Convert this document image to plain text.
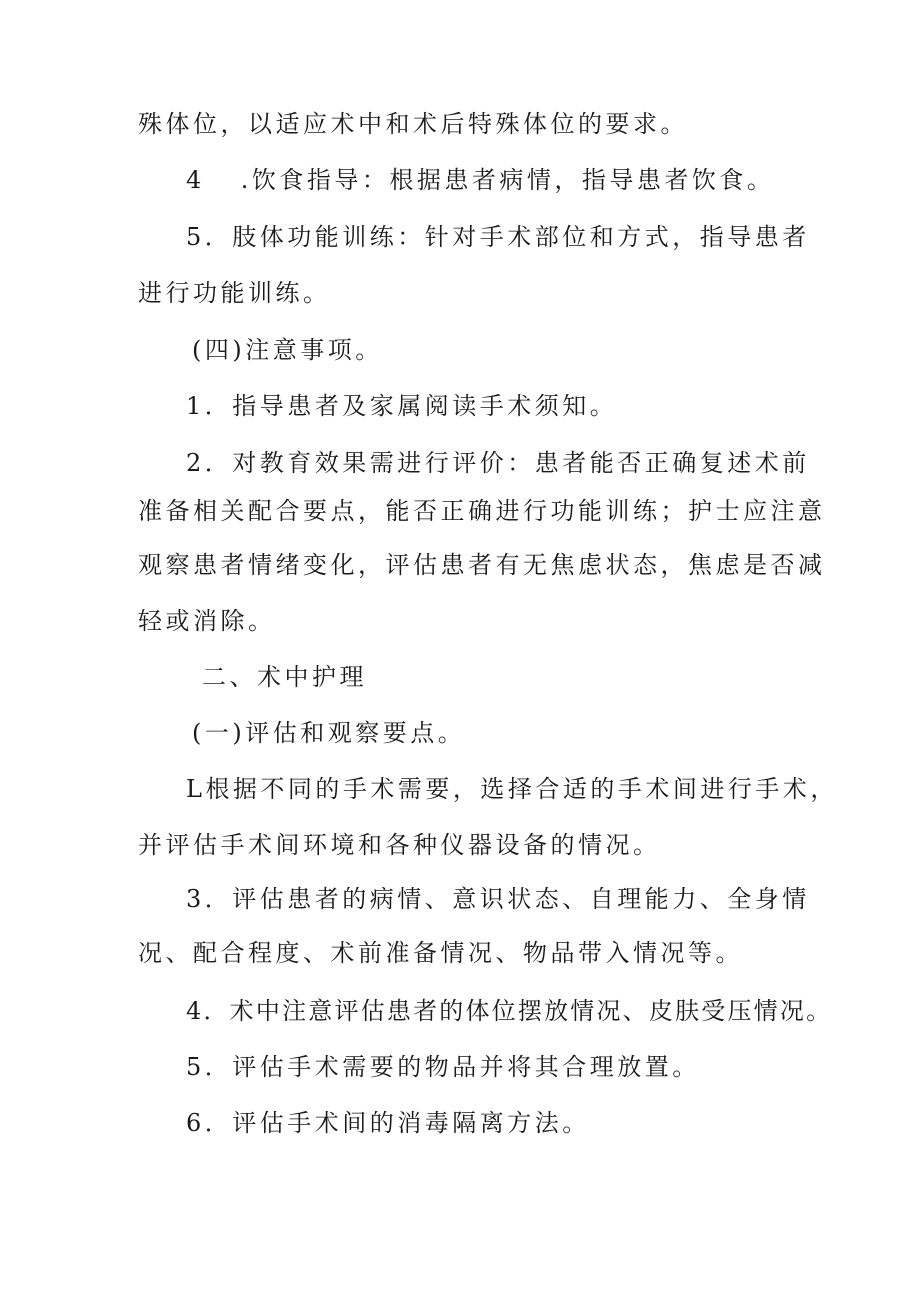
殊体位，以适应术中和术后特殊体位的要求。
4 .饮食指导：根据患者病情，指导患者饮食。
5．肢体功能训练：针对手术部位和方式，指导患者
进行功能训练。
(四)注意事项。
1．指导患者及家属阅读手术须知。
2．对教育效果需进行评价：患者能否正确复述术前
准备相关配合要点，能否正确进行功能训练；护士应注意
观察患者情绪变化，评估患者有无焦虑状态，焦虑是否减
轻或消除。
二、术中护理
(一)评估和观察要点。
L根据不同的手术需要，选择合适的手术间进行手术，
并评估手术间环境和各种仪器设备的情况。
3．评估患者的病情、意识状态、自理能力、全身情
况、配合程度、术前准备情况、物品带入情况等。
4．术中注意评估患者的体位摆放情况、皮肤受压情况。
5．评估手术需要的物品并将其合理放置。
6．评估手术间的消毒隔离方法。
